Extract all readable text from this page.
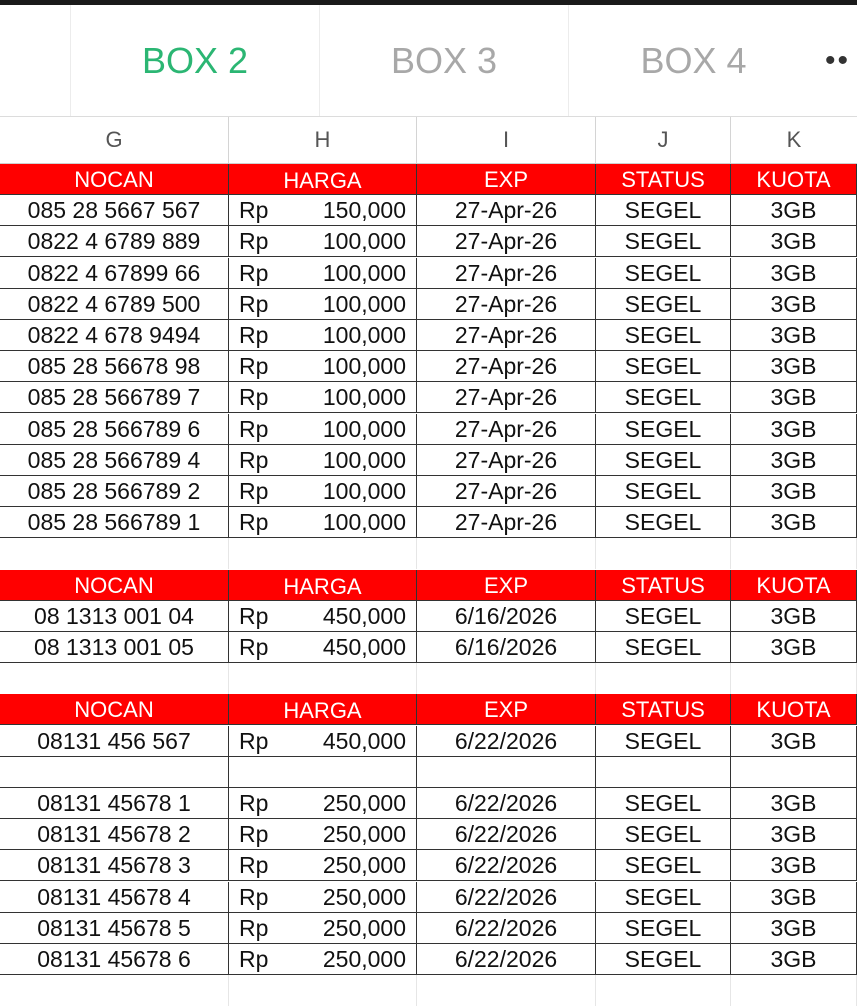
BOX 2	BOX 3	BOX 4	••
G	H	I	J	K
NOCAN	HARGA	EXP	STATUS	KUOTA
085 28 5667 567	Rp 150,000	27-Apr-26	SEGEL	3GB
0822 4 6789 889	Rp 100,000	27-Apr-26	SEGEL	3GB
0822 4 67899 66	Rp 100,000	27-Apr-26	SEGEL	3GB
0822 4 6789 500	Rp 100,000	27-Apr-26	SEGEL	3GB
0822 4 678 9494	Rp 100,000	27-Apr-26	SEGEL	3GB
085 28 56678 98	Rp 100,000	27-Apr-26	SEGEL	3GB
085 28 566789 7	Rp 100,000	27-Apr-26	SEGEL	3GB
085 28 566789 6	Rp 100,000	27-Apr-26	SEGEL	3GB
085 28 566789 4	Rp 100,000	27-Apr-26	SEGEL	3GB
085 28 566789 2	Rp 100,000	27-Apr-26	SEGEL	3GB
085 28 566789 1	Rp 100,000	27-Apr-26	SEGEL	3GB
NOCAN	HARGA	EXP	STATUS	KUOTA
08 1313 001 04	Rp 450,000	6/16/2026	SEGEL	3GB
08 1313 001 05	Rp 450,000	6/16/2026	SEGEL	3GB
NOCAN	HARGA	EXP	STATUS	KUOTA
08131 456 567	Rp 450,000	6/22/2026	SEGEL	3GB
08131 45678 1	Rp 250,000	6/22/2026	SEGEL	3GB
08131 45678 2	Rp 250,000	6/22/2026	SEGEL	3GB
08131 45678 3	Rp 250,000	6/22/2026	SEGEL	3GB
08131 45678 4	Rp 250,000	6/22/2026	SEGEL	3GB
08131 45678 5	Rp 250,000	6/22/2026	SEGEL	3GB
08131 45678 6	Rp 250,000	6/22/2026	SEGEL	3GB
